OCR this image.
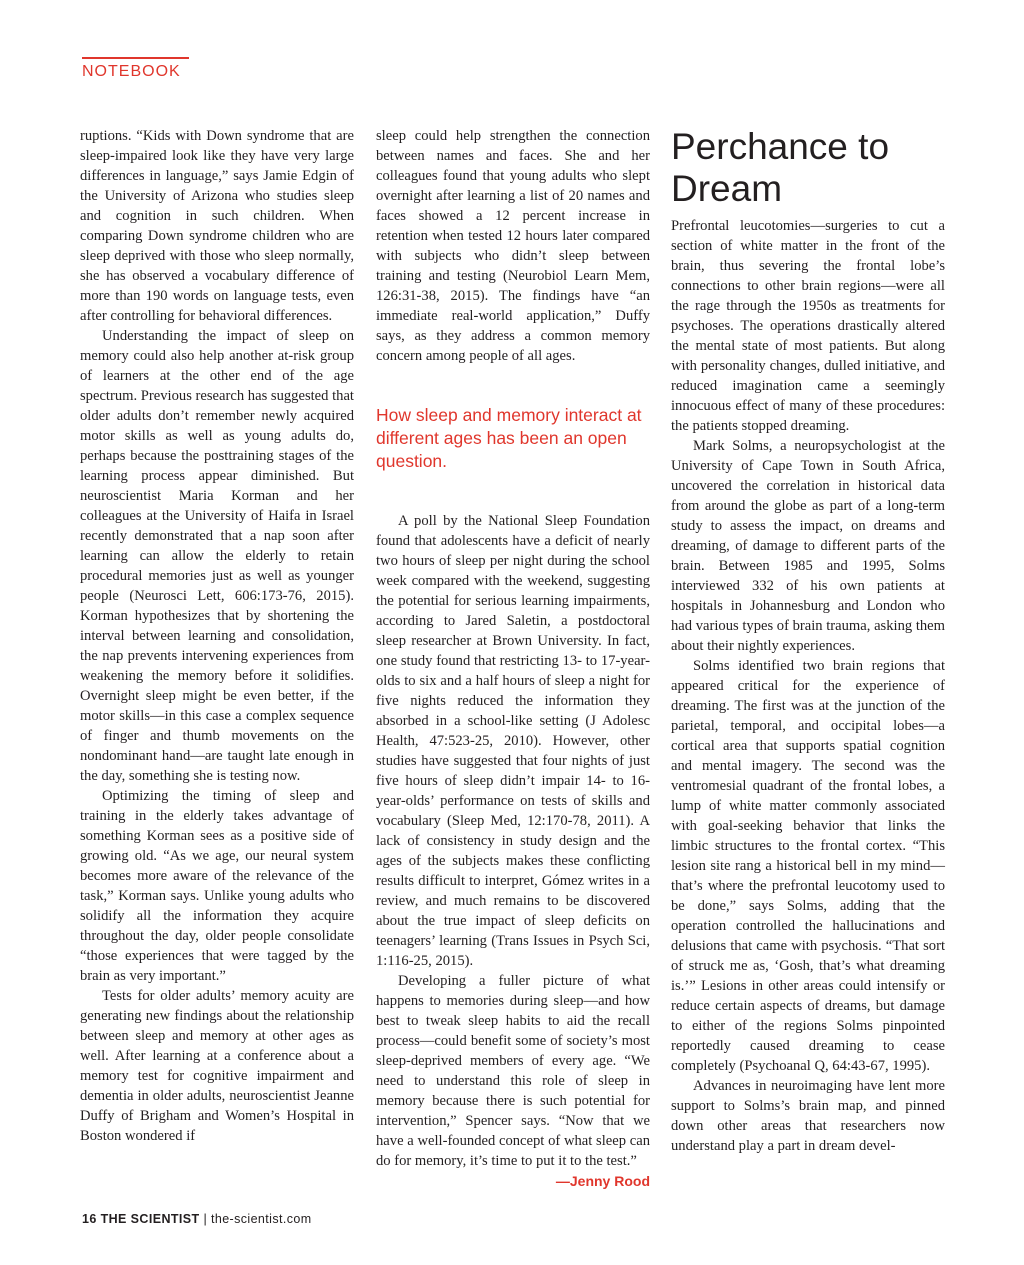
NOTEBOOK

ruptions. “Kids with Down syndrome that are sleep-impaired look like they have very large differences in language,” says Jamie Edgin of the University of Arizona who studies sleep and cognition in such children. When comparing Down syndrome children who are sleep deprived with those who sleep normally, she has observed a vocabulary difference of more than 190 words on language tests, even after controlling for behavioral differences.

Understanding the impact of sleep on memory could also help another at-risk group of learners at the other end of the age spectrum. Previous research has suggested that older adults don’t remember newly acquired motor skills as well as young adults do, perhaps because the posttraining stages of the learning process appear diminished. But neuroscientist Maria Korman and her colleagues at the University of Haifa in Israel recently demonstrated that a nap soon after learning can allow the elderly to retain procedural memories just as well as younger people (Neurosci Lett, 606:173-76, 2015). Korman hypothesizes that by shortening the interval between learning and consolidation, the nap prevents intervening experiences from weakening the memory before it solidifies. Overnight sleep might be even better, if the motor skills—in this case a complex sequence of finger and thumb movements on the nondominant hand—are taught late enough in the day, something she is testing now.

Optimizing the timing of sleep and training in the elderly takes advantage of something Korman sees as a positive side of growing old. “As we age, our neural system becomes more aware of the relevance of the task,” Korman says. Unlike young adults who solidify all the information they acquire throughout the day, older people consolidate “those experiences that were tagged by the brain as very important.”

Tests for older adults’ memory acuity are generating new findings about the relationship between sleep and memory at other ages as well. After learning at a conference about a memory test for cognitive impairment and dementia in older adults, neuroscientist Jeanne Duffy of Brigham and Women’s Hospital in Boston wondered if

sleep could help strengthen the connection between names and faces. She and her colleagues found that young adults who slept overnight after learning a list of 20 names and faces showed a 12 percent increase in retention when tested 12 hours later compared with subjects who didn’t sleep between training and testing (Neurobiol Learn Mem, 126:31-38, 2015). The findings have “an immediate real-world application,” Duffy says, as they address a common memory concern among people of all ages.

How sleep and memory interact at different ages has been an open question.

A poll by the National Sleep Foundation found that adolescents have a deficit of nearly two hours of sleep per night during the school week compared with the weekend, suggesting the potential for serious learning impairments, according to Jared Saletin, a postdoctoral sleep researcher at Brown University. In fact, one study found that restricting 13- to 17-year-olds to six and a half hours of sleep a night for five nights reduced the information they absorbed in a school-like setting (J Adolesc Health, 47:523-25, 2010). However, other studies have suggested that four nights of just five hours of sleep didn’t impair 14- to 16-year-olds’ performance on tests of skills and vocabulary (Sleep Med, 12:170-78, 2011). A lack of consistency in study design and the ages of the subjects makes these conflicting results difficult to interpret, Gómez writes in a review, and much remains to be discovered about the true impact of sleep deficits on teenagers’ learning (Trans Issues in Psych Sci, 1:116-25, 2015).

Developing a fuller picture of what happens to memories during sleep—and how best to tweak sleep habits to aid the recall process—could benefit some of society’s most sleep-deprived members of every age. “We need to understand this role of sleep in memory because there is such potential for intervention,” Spencer says. “Now that we have a well-founded concept of what sleep can do for memory, it’s time to put it to the test.”

—Jenny Rood
Perchance to Dream

Prefrontal leucotomies—surgeries to cut a section of white matter in the front of the brain, thus severing the frontal lobe’s connections to other brain regions—were all the rage through the 1950s as treatments for psychoses. The operations drastically altered the mental state of most patients. But along with personality changes, dulled initiative, and reduced imagination came a seemingly innocuous effect of many of these procedures: the patients stopped dreaming.

Mark Solms, a neuropsychologist at the University of Cape Town in South Africa, uncovered the correlation in historical data from around the globe as part of a long-term study to assess the impact, on dreams and dreaming, of damage to different parts of the brain. Between 1985 and 1995, Solms interviewed 332 of his own patients at hospitals in Johannesburg and London who had various types of brain trauma, asking them about their nightly experiences.

Solms identified two brain regions that appeared critical for the experience of dreaming. The first was at the junction of the parietal, temporal, and occipital lobes—a cortical area that supports spatial cognition and mental imagery. The second was the ventromesial quadrant of the frontal lobes, a lump of white matter commonly associated with goal-seeking behavior that links the limbic structures to the frontal cortex. “This lesion site rang a historical bell in my mind—that’s where the prefrontal leucotomy used to be done,” says Solms, adding that the operation controlled the hallucinations and delusions that came with psychosis. “That sort of struck me as, ‘Gosh, that’s what dreaming is.’” Lesions in other areas could intensify or reduce certain aspects of dreams, but damage to either of the regions Solms pinpointed reportedly caused dreaming to cease completely (Psychoanal Q, 64:43-67, 1995).

Advances in neuroimaging have lent more support to Solms’s brain map, and pinned down other areas that researchers now understand play a part in dream devel-

16 THE SCIENTIST | the-scientist.com
